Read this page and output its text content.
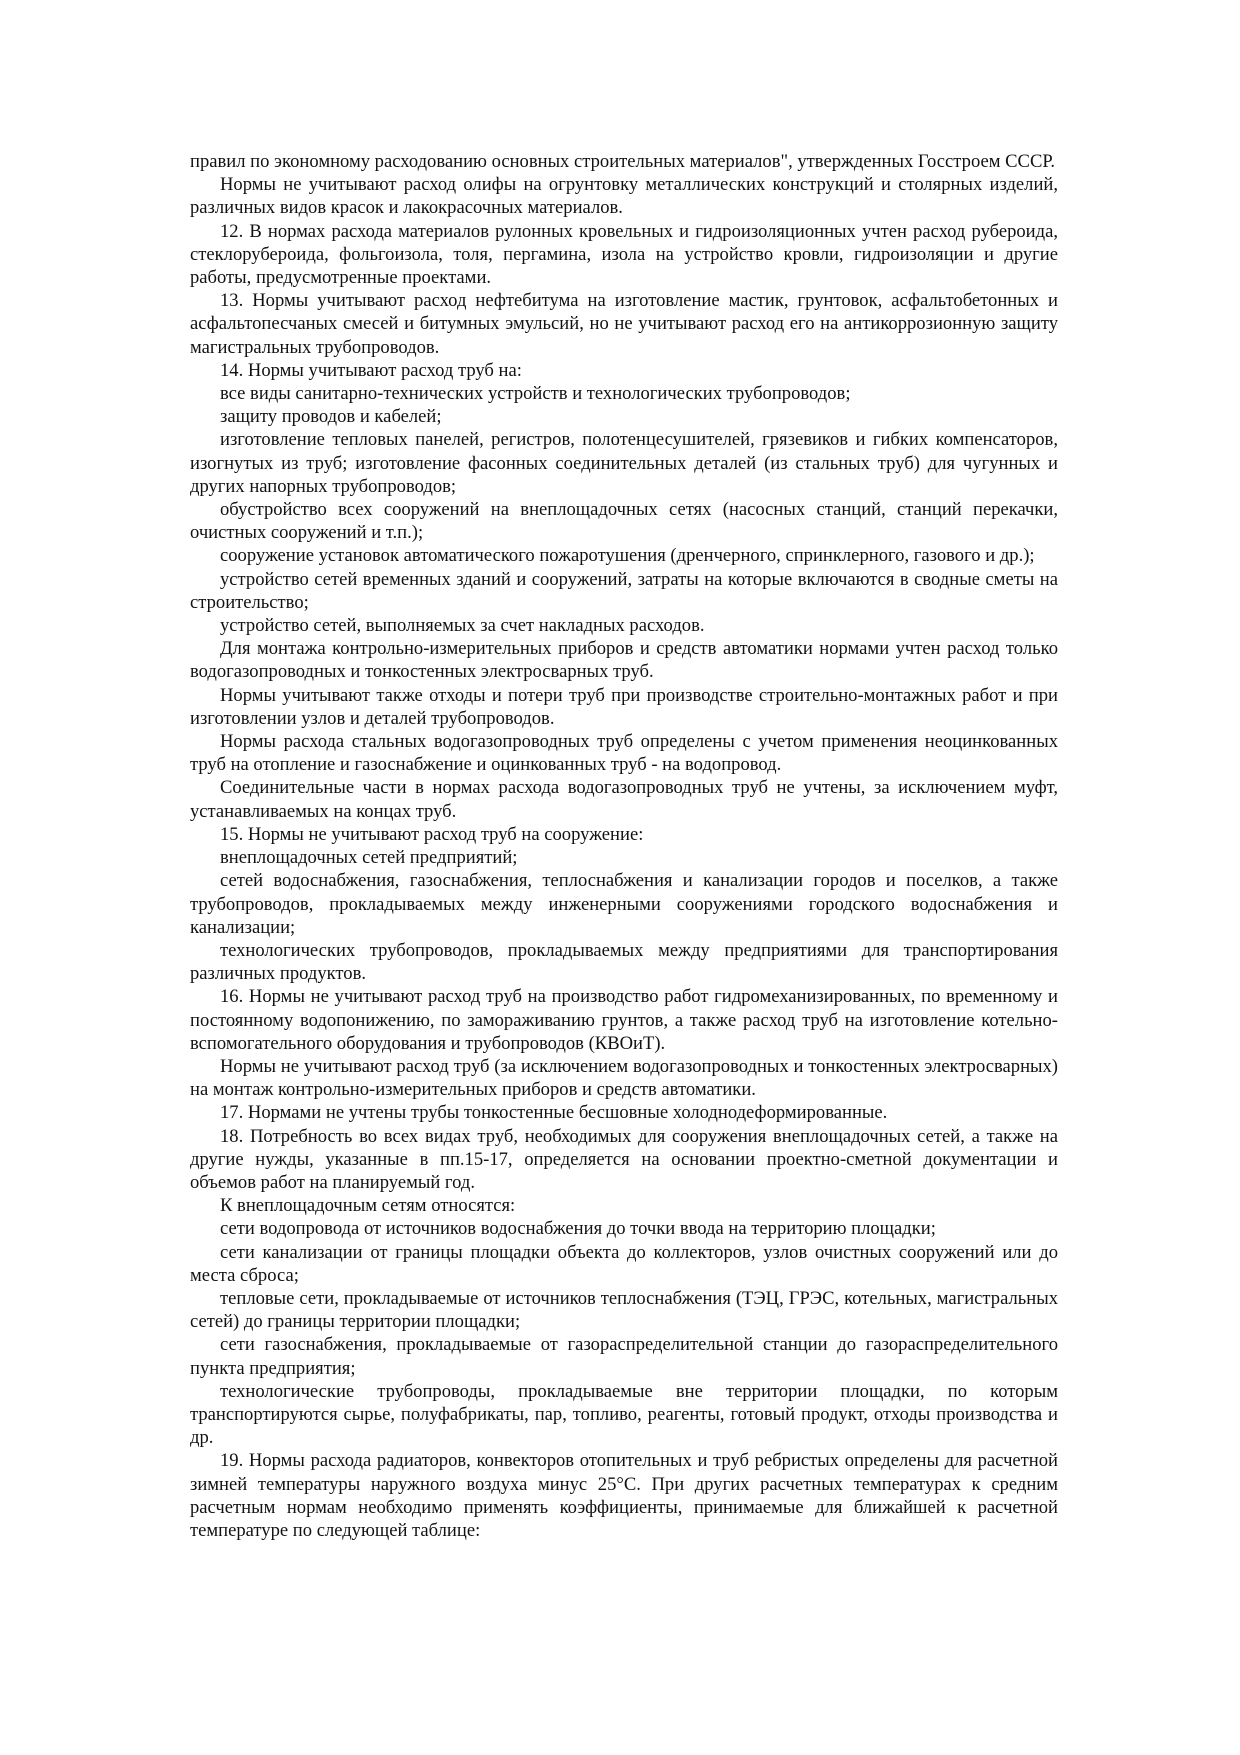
правил по экономному расходованию основных строительных материалов", утвержденных Госстроем СССР.

Нормы не учитывают расход олифы на огрунтовку металлических конструкций и столярных изделий, различных видов красок и лакокрасочных материалов.

12. В нормах расхода материалов рулонных кровельных и гидроизоляционных учтен расход рубероида, стеклорубероида, фольгоизола, толя, пергамина, изола на устройство кровли, гидроизоляции и другие работы, предусмотренные проектами.

13. Нормы учитывают расход нефтебитума на изготовление мастик, грунтовок, асфальтобетонных и асфальтопесчаных смесей и битумных эмульсий, но не учитывают расход его на антикоррозионную защиту магистральных трубопроводов.

14. Нормы учитывают расход труб на:

все виды санитарно-технических устройств и технологических трубопроводов;

защиту проводов и кабелей;

изготовление тепловых панелей, регистров, полотенцесушителей, грязевиков и гибких компенсаторов, изогнутых из труб; изготовление фасонных соединительных деталей (из стальных труб) для чугунных и других напорных трубопроводов;

обустройство всех сооружений на внеплощадочных сетях (насосных станций, станций перекачки, очистных сооружений и т.п.);

сооружение установок автоматического пожаротушения (дренчерного, спринклерного, газового и др.);

устройство сетей временных зданий и сооружений, затраты на которые включаются в сводные сметы на строительство;

устройство сетей, выполняемых за счет накладных расходов.

Для монтажа контрольно-измерительных приборов и средств автоматики нормами учтен расход только водогазопроводных и тонкостенных электросварных труб.

Нормы учитывают также отходы и потери труб при производстве строительно-монтажных работ и при изготовлении узлов и деталей трубопроводов.

Нормы расхода стальных водогазопроводных труб определены с учетом применения неоцинкованных труб на отопление и газоснабжение и оцинкованных труб - на водопровод.

Соединительные части в нормах расхода водогазопроводных труб не учтены, за исключением муфт, устанавливаемых на концах труб.

15. Нормы не учитывают расход труб на сооружение:

внеплощадочных сетей предприятий;

сетей водоснабжения, газоснабжения, теплоснабжения и канализации городов и поселков, а также трубопроводов, прокладываемых между инженерными сооружениями городского водоснабжения и канализации;

технологических трубопроводов, прокладываемых между предприятиями для транспортирования различных продуктов.

16. Нормы не учитывают расход труб на производство работ гидромеханизированных, по временному и постоянному водопонижению, по замораживанию грунтов, а также расход труб на изготовление котельно-вспомогательного оборудования и трубопроводов (КВОиТ).

Нормы не учитывают расход труб (за исключением водогазопроводных и тонкостенных электросварных) на монтаж контрольно-измерительных приборов и средств автоматики.

17. Нормами не учтены трубы тонкостенные бесшовные холоднодеформированные.

18. Потребность во всех видах труб, необходимых для сооружения внеплощадочных сетей, а также на другие нужды, указанные в пп.15-17, определяется на основании проектно-сметной документации и объемов работ на планируемый год.

К внеплощадочным сетям относятся:

сети водопровода от источников водоснабжения до точки ввода на территорию площадки;

сети канализации от границы площадки объекта до коллекторов, узлов очистных сооружений или до места сброса;

тепловые сети, прокладываемые от источников теплоснабжения (ТЭЦ, ГРЭС, котельных, магистральных сетей) до границы территории площадки;

сети газоснабжения, прокладываемые от газораспределительной станции до газораспределительного пункта предприятия;

технологические трубопроводы, прокладываемые вне территории площадки, по которым транспортируются сырье, полуфабрикаты, пар, топливо, реагенты, готовый продукт, отходы производства и др.

19. Нормы расхода радиаторов, конвекторов отопительных и труб ребристых определены для расчетной зимней температуры наружного воздуха минус 25°С. При других расчетных температурах к средним расчетным нормам необходимо применять коэффициенты, принимаемые для ближайшей к расчетной температуре по следующей таблице:
